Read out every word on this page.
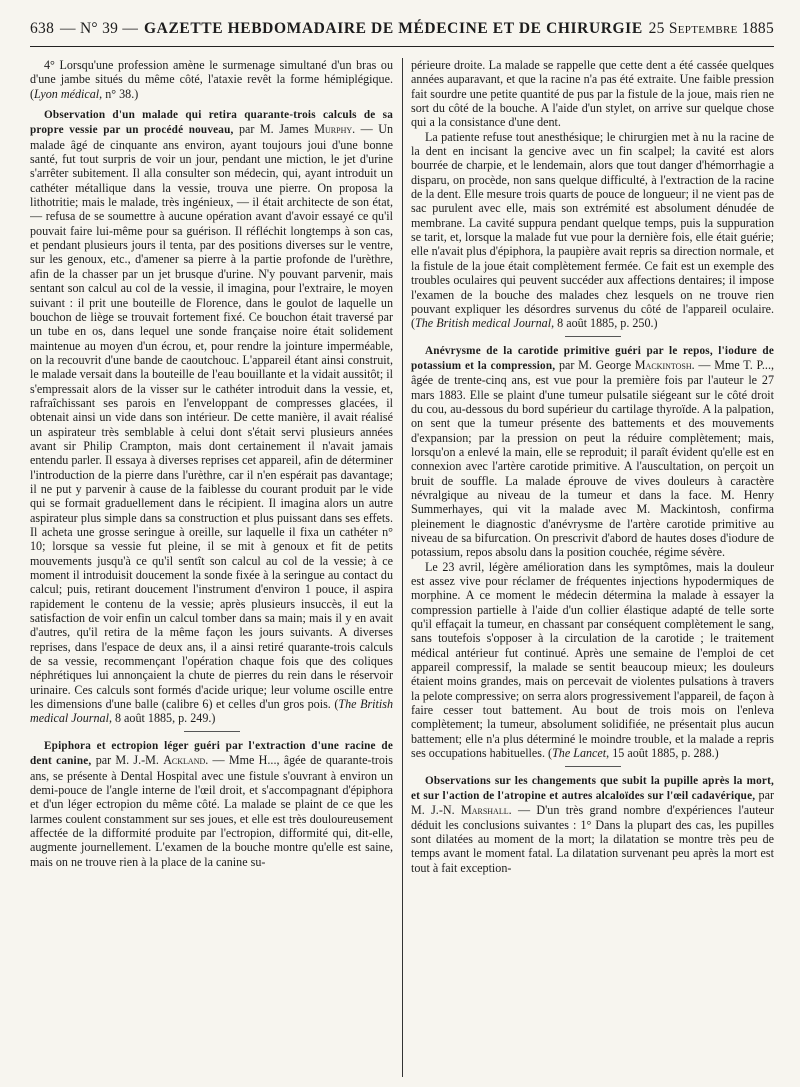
638 — N° 39 — GAZETTE HEBDOMADAIRE DE MÉDECINE ET DE CHIRURGIE 25 Septembre 1885

4° Lorsqu'une profession amène le surmenage simultané d'un bras ou d'une jambe situés du même côté, l'ataxie revêt la forme hémiplégique. (Lyon médical, n° 38.)

Observation d'un malade qui retira quarante-trois calculs de sa propre vessie par un procédé nouveau, par M. James Murphy. — Un malade âgé de cinquante ans environ, ayant toujours joui d'une bonne santé, fut tout surpris de voir un jour, pendant une miction, le jet d'urine s'arrêter subitement. Il alla consulter son médecin, qui, ayant introduit un cathéter métallique dans la vessie, trouva une pierre. On proposa la lithotritie; mais le malade, très ingénieux, — il était architecte de son état, — refusa de se soumettre à aucune opération avant d'avoir essayé ce qu'il pouvait faire lui-même pour sa guérison. Il réfléchit longtemps à son cas, et pendant plusieurs jours il tenta, par des positions diverses sur le ventre, sur les genoux, etc., d'amener sa pierre à la partie profonde de l'urèthre, afin de la chasser par un jet brusque d'urine. N'y pouvant parvenir, mais sentant son calcul au col de la vessie, il imagina, pour l'extraire, le moyen suivant : il prit une bouteille de Florence, dans le goulot de laquelle un bouchon de liège se trouvait fortement fixé. Ce bouchon était traversé par un tube en os, dans lequel une sonde française noire était solidement maintenue au moyen d'un écrou, et, pour rendre la jointure imperméable, on la recouvrit d'une bande de caoutchouc. L'appareil étant ainsi construit, le malade versait dans la bouteille de l'eau bouillante et la vidait aussitôt; il s'empressait alors de la visser sur le cathéter introduit dans la vessie, et, rafraîchissant ses parois en l'enveloppant de compresses glacées, il obtenait ainsi un vide dans son intérieur. De cette manière, il avait réalisé un aspirateur très semblable à celui dont s'était servi plusieurs années avant sir Philip Crampton, mais dont certainement il n'avait jamais entendu parler. Il essaya à diverses reprises cet appareil, afin de déterminer l'introduction de la pierre dans l'urèthre, car il n'en espérait pas davantage; il ne put y parvenir à cause de la faiblesse du courant produit par le vide qui se formait graduellement dans le récipient. Il imagina alors un autre aspirateur plus simple dans sa construction et plus puissant dans ses effets. Il acheta une grosse seringue à oreille, sur laquelle il fixa un cathéter n° 10; lorsque sa vessie fut pleine, il se mit à genoux et fit de petits mouvements jusqu'à ce qu'il sentît son calcul au col de la vessie; à ce moment il introduisit doucement la sonde fixée à la seringue au contact du calcul; puis, retirant doucement l'instrument d'environ 1 pouce, il aspira rapidement le contenu de la vessie; après plusieurs insuccès, il eut la satisfaction de voir enfin un calcul tomber dans sa main; mais il y en avait d'autres, qu'il retira de la même façon les jours suivants. A diverses reprises, dans l'espace de deux ans, il a ainsi retiré quarante-trois calculs de sa vessie, recommençant l'opération chaque fois que des coliques néphrétiques lui annonçaient la chute de pierres du rein dans le réservoir urinaire. Ces calculs sont formés d'acide urique; leur volume oscille entre les dimensions d'une balle (calibre 6) et celles d'un gros pois. (The British medical Journal, 8 août 1885, p. 249.)

Epiphora et ectropion léger guéri par l'extraction d'une racine de dent canine, par M. J.-M. Ackland. — Mme H..., âgée de quarante-trois ans, se présente à Dental Hospital avec une fistule s'ouvrant à environ un demi-pouce de l'angle interne de l'œil droit, et s'accompagnant d'épiphora et d'un léger ectropion du même côté. La malade se plaint de ce que les larmes coulent constamment sur ses joues, et elle est très douloureusement affectée de la difformité produite par l'ectropion, difformité qui, dit-elle, augmente journellement. L'examen de la bouche montre qu'elle est saine, mais on ne trouve rien à la place de la canine su-

périeure droite. La malade se rappelle que cette dent a été cassée quelques années auparavant, et que la racine n'a pas été extraite. Une faible pression fait sourdre une petite quantité de pus par la fistule de la joue, mais rien ne sort du côté de la bouche. A l'aide d'un stylet, on arrive sur quelque chose qui a la consistance d'une dent.

La patiente refuse tout anesthésique; le chirurgien met à nu la racine de la dent en incisant la gencive avec un fin scalpel; la cavité est alors bourrée de charpie, et le lendemain, alors que tout danger d'hémorrhagie a disparu, on procède, non sans quelque difficulté, à l'extraction de la racine de la dent. Elle mesure trois quarts de pouce de longueur; il ne vient pas de sac purulent avec elle, mais son extrémité est absolument dénudée de membrane. La cavité suppura pendant quelque temps, puis la suppuration se tarit, et, lorsque la malade fut vue pour la dernière fois, elle était guérie; elle n'avait plus d'épiphora, la paupière avait repris sa direction normale, et la fistule de la joue était complètement fermée. Ce fait est un exemple des troubles oculaires qui peuvent succéder aux affections dentaires; il impose l'examen de la bouche des malades chez lesquels on ne trouve rien pouvant expliquer les désordres survenus du côté de l'appareil oculaire. (The British medical Journal, 8 août 1885, p. 250.)

Anévrysme de la carotide primitive guéri par le repos, l'iodure de potassium et la compression, par M. George Mackintosh. — Mme T. P..., âgée de trente-cinq ans, est vue pour la première fois par l'auteur le 27 mars 1883. Elle se plaint d'une tumeur pulsatile siégeant sur le côté droit du cou, au-dessous du bord supérieur du cartilage thyroïde. A la palpation, on sent que la tumeur présente des battements et des mouvements d'expansion; par la pression on peut la réduire complètement; mais, lorsqu'on a enlevé la main, elle se reproduit; il paraît évident qu'elle est en connexion avec l'artère carotide primitive. A l'auscultation, on perçoit un bruit de souffle. La malade éprouve de vives douleurs à caractère névralgique au niveau de la tumeur et dans la face. M. Henry Summerhayes, qui vit la malade avec M. Mackintosh, confirma pleinement le diagnostic d'anévrysme de l'artère carotide primitive au niveau de sa bifurcation. On prescrivit d'abord de hautes doses d'iodure de potassium, repos absolu dans la position couchée, régime sévère.

Le 23 avril, légère amélioration dans les symptômes, mais la douleur est assez vive pour réclamer de fréquentes injections hypodermiques de morphine. A ce moment le médecin détermina la malade à essayer la compression partielle à l'aide d'un collier élastique adapté de telle sorte qu'il effaçait la tumeur, en chassant par conséquent complètement le sang, sans toutefois s'opposer à la circulation de la carotide ; le traitement médical antérieur fut continué. Après une semaine de l'emploi de cet appareil compressif, la malade se sentit beaucoup mieux; les douleurs étaient moins grandes, mais on percevait de violentes pulsations à travers la pelote compressive; on serra alors progressivement l'appareil, de façon à faire cesser tout battement. Au bout de trois mois on l'enleva complètement; la tumeur, absolument solidifiée, ne présentait plus aucun battement; elle n'a plus déterminé le moindre trouble, et la malade a repris ses occupations habituelles. (The Lancet, 15 août 1885, p. 288.)

Observations sur les changements que subit la pupille après la mort, et sur l'action de l'atropine et autres alcaloïdes sur l'œil cadavérique, par M. J.-N. Marshall. — D'un très grand nombre d'expériences l'auteur déduit les conclusions suivantes : 1° Dans la plupart des cas, les pupilles sont dilatées au moment de la mort; la dilatation se montre très peu de temps avant le moment fatal. La dilatation survenant peu après la mort est tout à fait exception-
